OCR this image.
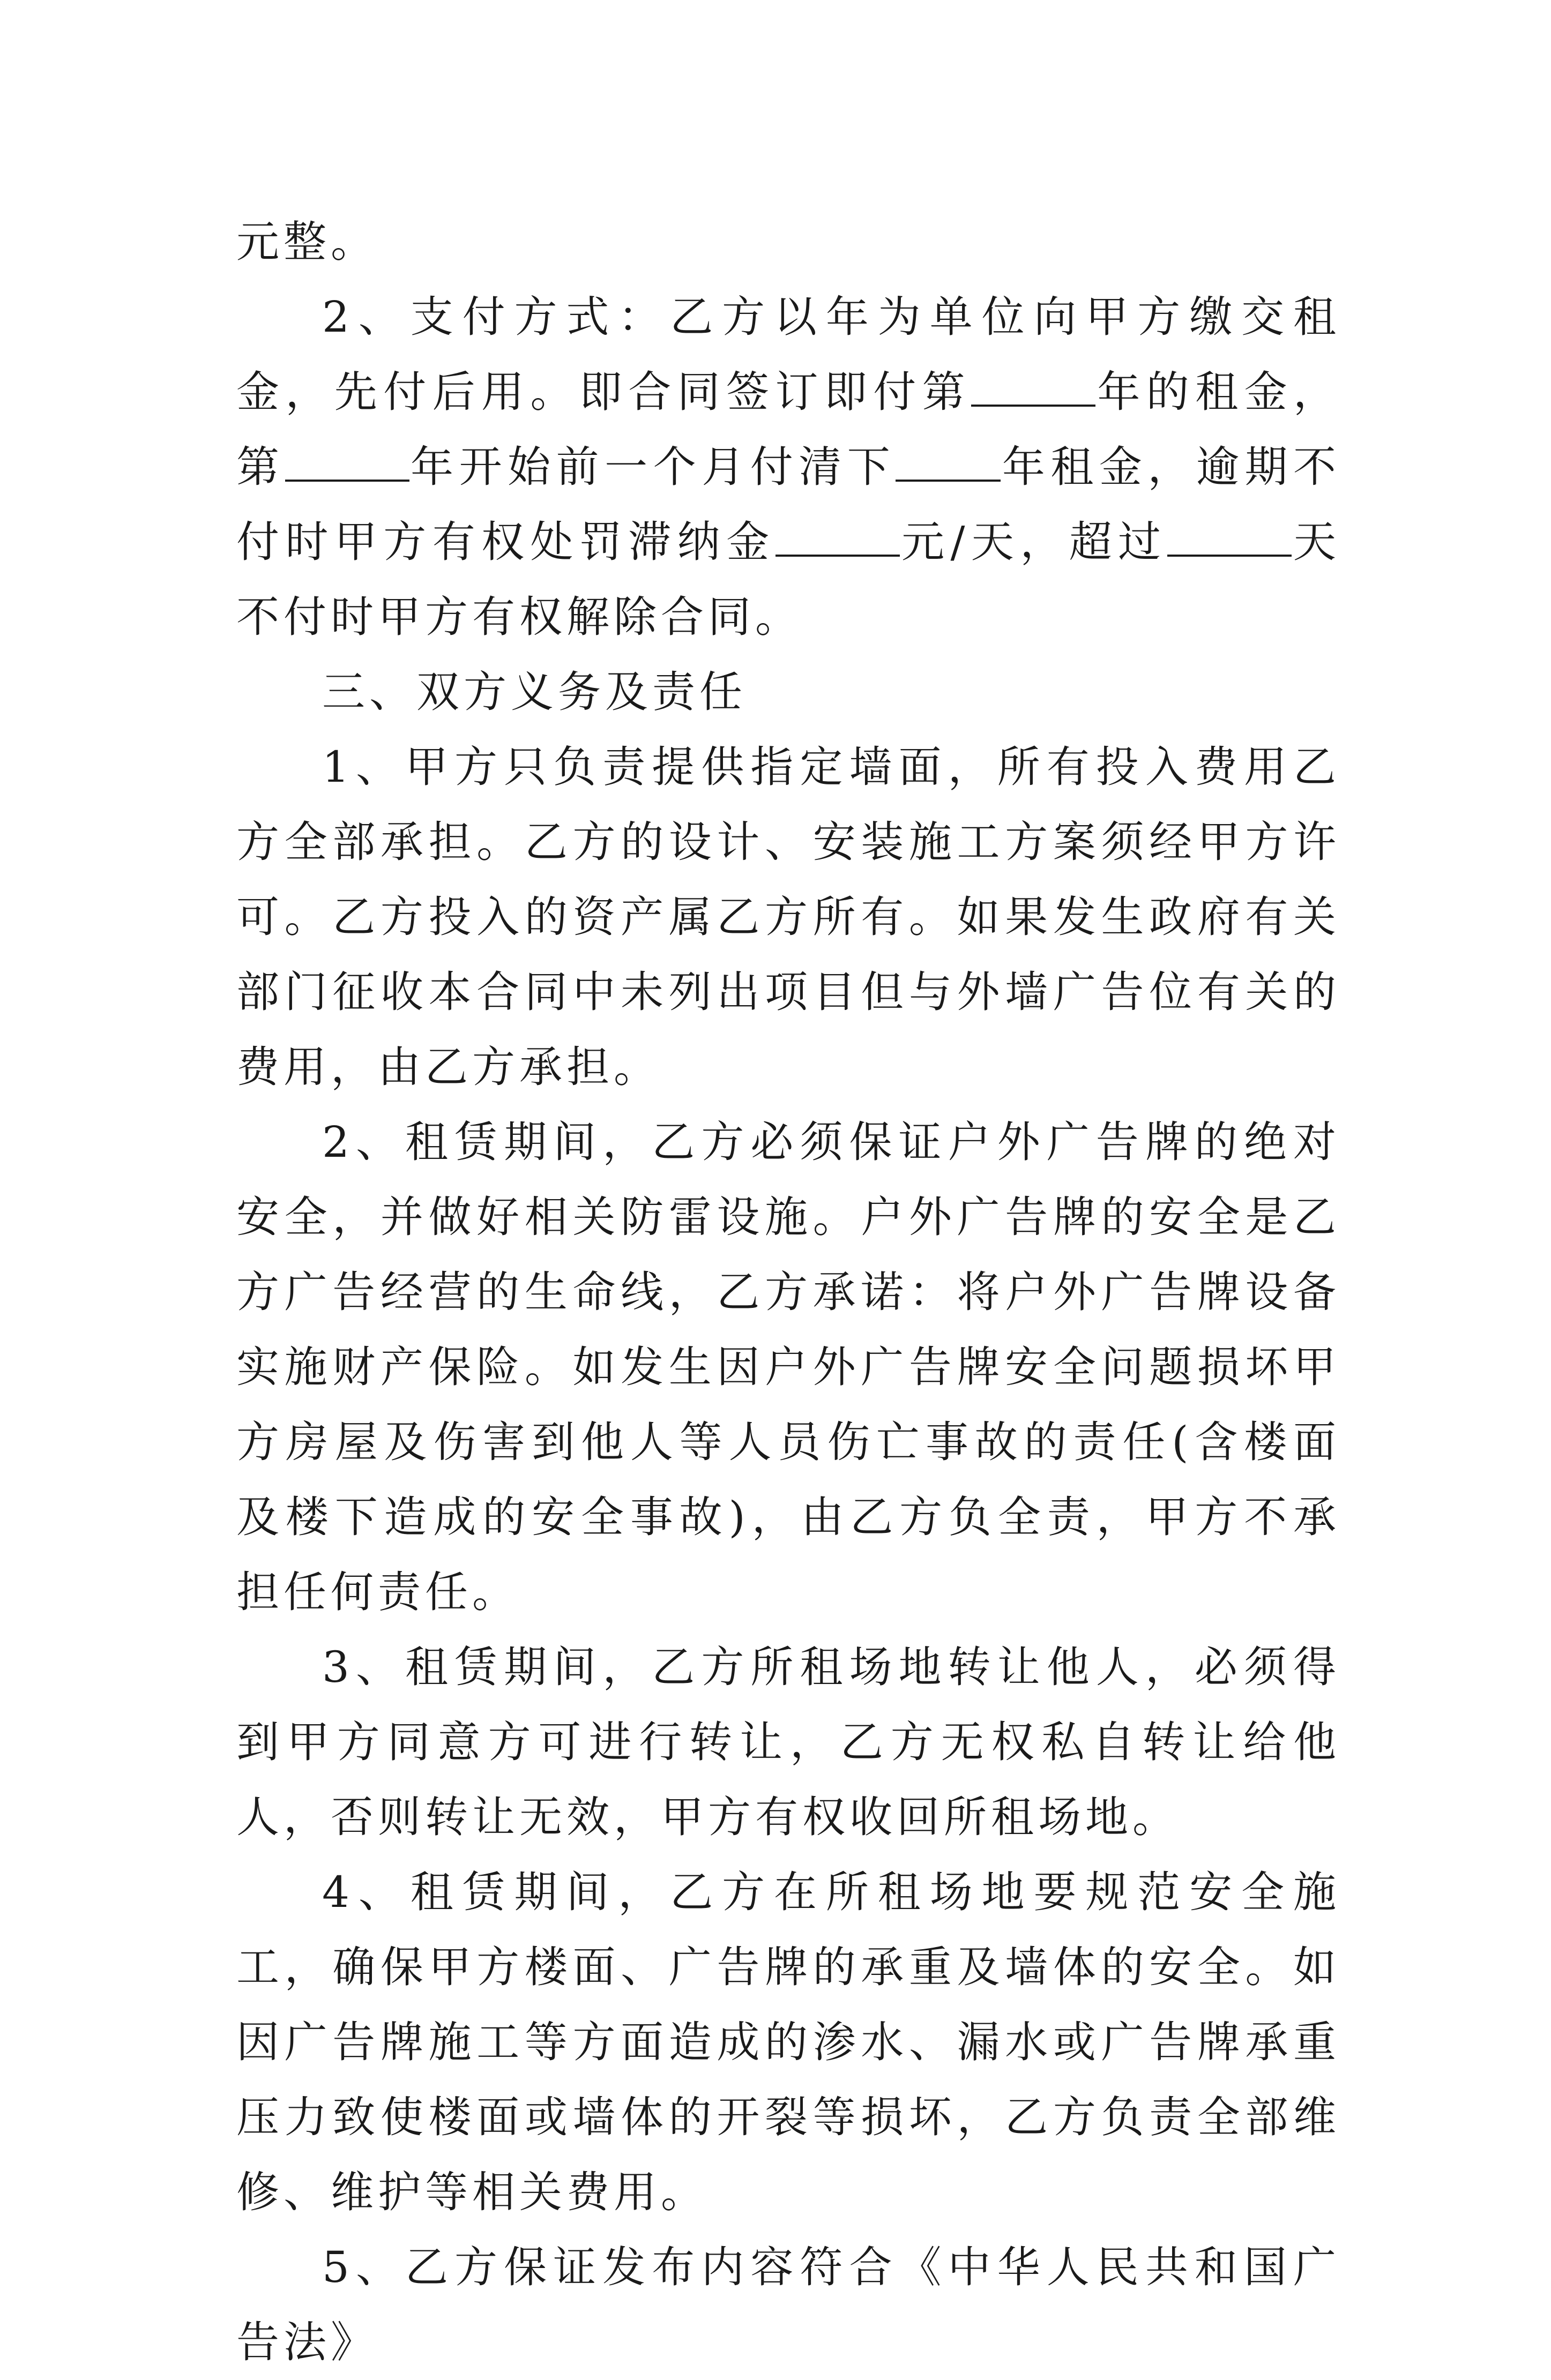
元整。

2、支付方式：乙方以年为单位向甲方缴交租金，先付后用。即合同签订即付第	年的租金，第	年开始前一个月付清下 年租金，逾期不付时甲方有权处罚滞纳金	元/天，超过	天不付时甲方有权解除合同。

三、双方义务及责任

1、甲方只负责提供指定墙面，所有投入费用乙方全部承担。乙方的设计、安装施工方案须经甲方许可。乙方投入的资产属乙方所有。如果发生政府有关部门征收本合同中未列出项目但与外墙广告位有关的费用，由乙方承担。

2、租赁期间，乙方必须保证户外广告牌的绝对安全，并做好相关防雷设施。户外广告牌的安全是乙方广告经营的生命线，乙方承诺：将户外广告牌设备实施财产保险。如发生因户外广告牌安全问题损坏甲方房屋及伤害到他人等人员伤亡事故的责任(含楼面及楼下造成的安全事故)，由乙方负全责，甲方不承担任何责任。

3、租赁期间，乙方所租场地转让他人，必须得到甲方同意方可进行转让，乙方无权私自转让给他人，否则转让无效，甲方有权收回所租场地。

4、租赁期间，乙方在所租场地要规范安全施工，确保甲方楼面、广告牌的承重及墙体的安全。如因广告牌施工等方面造成的渗水、漏水或广告牌承重压力致使楼面或墙体的开裂等损坏，乙方负责全部维修、维护等相关费用。

5、乙方保证发布内容符合《中华人民共和国广告法》
